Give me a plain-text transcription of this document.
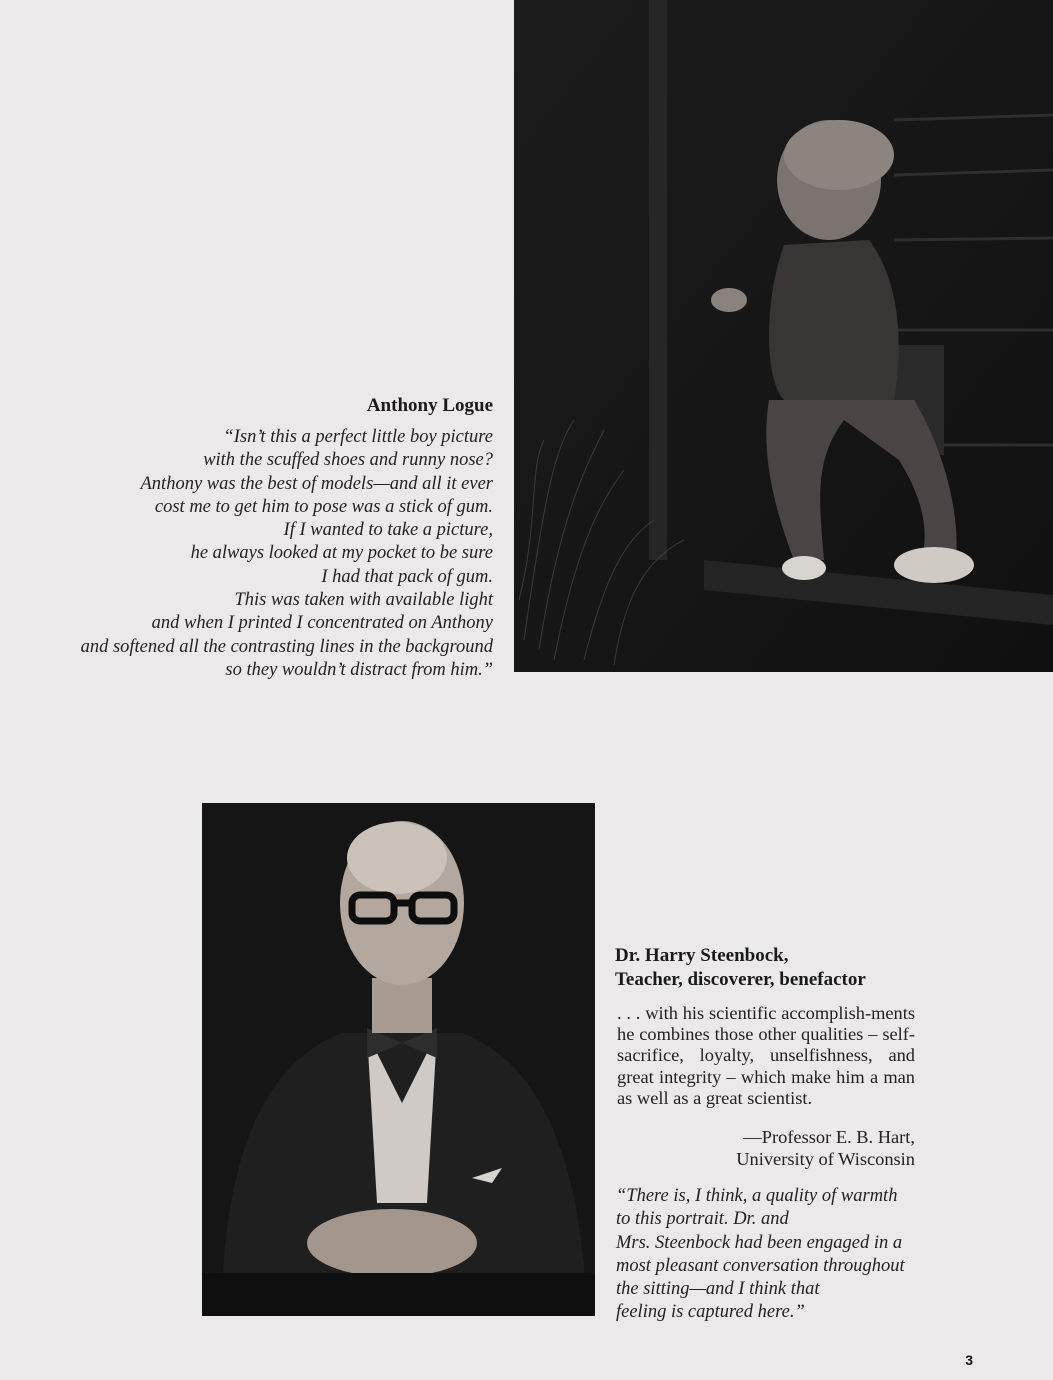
Anthony Logue
“Isn’t this a perfect little boy picture
with the scuffed shoes and runny nose?
Anthony was the best of models—and all it ever
cost me to get him to pose was a stick of gum.
If I wanted to take a picture,
he always looked at my pocket to be sure
I had that pack of gum.
This was taken with available light
and when I printed I concentrated on Anthony
and softened all the contrasting lines in the background
so they wouldn’t distract from him.”
Dr. Harry Steenbock,
Teacher, discoverer, benefactor
. . . with his scientific accomplish-ments he combines those other qualities – self-sacrifice, loyalty, unselfishness, and great integrity – which make him a man as well as a great scientist.
—Professor E. B. Hart,
University of Wisconsin
“There is, I think, a quality of warmth
to this portrait. Dr. and
Mrs. Steenbock had been engaged in a
most pleasant conversation throughout
the sitting—and I think that
feeling is captured here.”
3
